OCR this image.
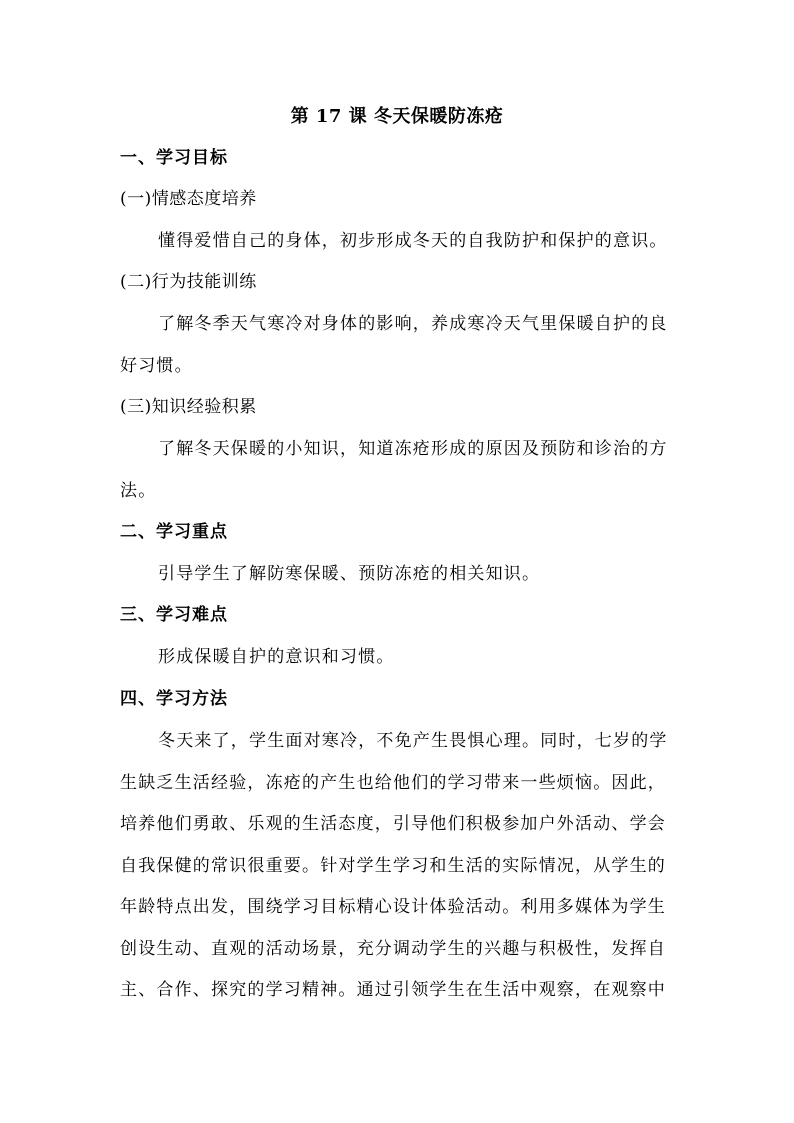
第 17 课 冬天保暖防冻疮
一、学习目标
(一)情感态度培养
懂得爱惜自己的身体，初步形成冬天的自我防护和保护的意识。
(二)行为技能训练
了解冬季天气寒冷对身体的影响，养成寒冷天气里保暖自护的良
好习惯。
(三)知识经验积累
了解冬天保暖的小知识，知道冻疮形成的原因及预防和诊治的方
法。
二、学习重点
引导学生了解防寒保暖、预防冻疮的相关知识。
三、学习难点
形成保暖自护的意识和习惯。
四、学习方法
冬天来了，学生面对寒冷，不免产生畏惧心理。同时，七岁的学
生缺乏生活经验，冻疮的产生也给他们的学习带来一些烦恼。因此，
培养他们勇敢、乐观的生活态度，引导他们积极参加户外活动、学会
自我保健的常识很重要。针对学生学习和生活的实际情况，从学生的
年龄特点出发，围绕学习目标精心设计体验活动。利用多媒体为学生
创设生动、直观的活动场景，充分调动学生的兴趣与积极性，发挥自
主、合作、探究的学习精神。通过引领学生在生活中观察，在观察中
